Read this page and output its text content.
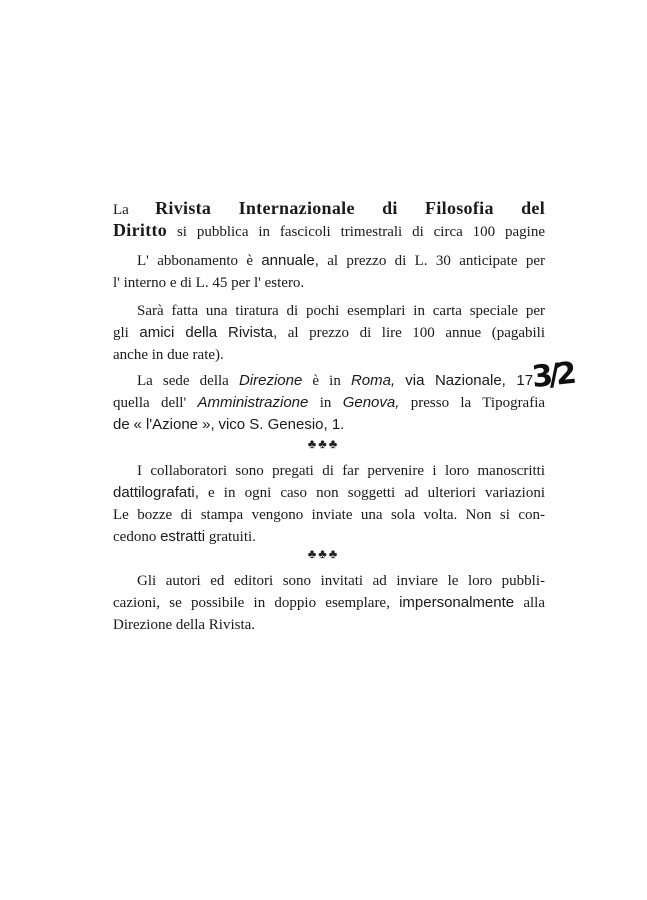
La Rivista Internazionale di Filosofia del
Diritto si pubblica in fascicoli trimestrali di circa 100 pagine
L' abbonamento è annuale, al prezzo di L. 30 anticipate per
l' interno e di L. 45 per l' estero.
Sarà fatta una tiratura di pochi esemplari in carta speciale per
gli amici della Rivista, al prezzo di lire 100 annue (pagabili
anche in due rate).
La sede della Direzione è in Roma, via Nazionale, 17
3/2
quella dell' Amministrazione in Genova, presso la Tipografia
de « l'Azione », vico S. Genesio, 1.
♣♣♣
I collaboratori sono pregati di far pervenire i loro manoscritti
dattilografati, e in ogni caso non soggetti ad ulteriori variazioni
Le bozze di stampa vengono inviate una sola volta. Non si con-
cedono estratti gratuiti.
♣♣♣
Gli autori ed editori sono invitati ad inviare le loro pubbli-
cazioni, se possibile in doppio esemplare, impersonalmente alla
Direzione della Rivista.
